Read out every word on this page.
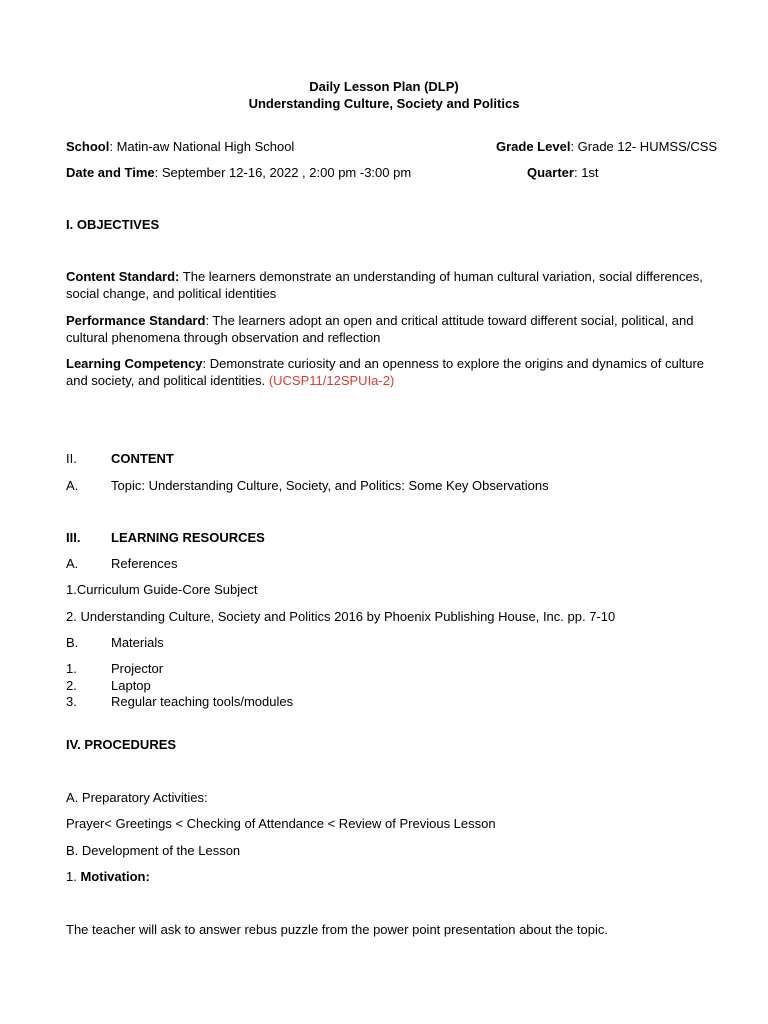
Daily Lesson Plan (DLP)
Understanding Culture, Society and Politics
School: Matin-aw National High School	Grade Level: Grade 12- HUMSS/CSS
Date and Time: September 12-16, 2022 , 2:00 pm -3:00 pm	Quarter: 1st
I. OBJECTIVES
Content Standard: The learners demonstrate an understanding of human cultural variation, social differences, social change, and political identities
Performance Standard: The learners adopt an open and critical attitude toward different social, political, and cultural phenomena through observation and reflection
Learning Competency: Demonstrate curiosity and an openness to explore the origins and dynamics of culture and society, and political identities. (UCSP11/12SPUIa-2)
II.	CONTENT
A.	Topic: Understanding Culture, Society, and Politics: Some Key Observations
III. LEARNING RESOURCES
A.	References
1.Curriculum Guide-Core Subject
2. Understanding Culture, Society and Politics 2016 by Phoenix Publishing House, Inc. pp. 7-10
B.	Materials
1.	Projector
2.	Laptop
3.	Regular teaching tools/modules
IV. PROCEDURES
A. Preparatory Activities:
Prayer< Greetings < Checking of Attendance < Review of Previous Lesson
B. Development of the Lesson
1. Motivation:
The teacher will ask to answer rebus puzzle from the power point presentation about the topic.
